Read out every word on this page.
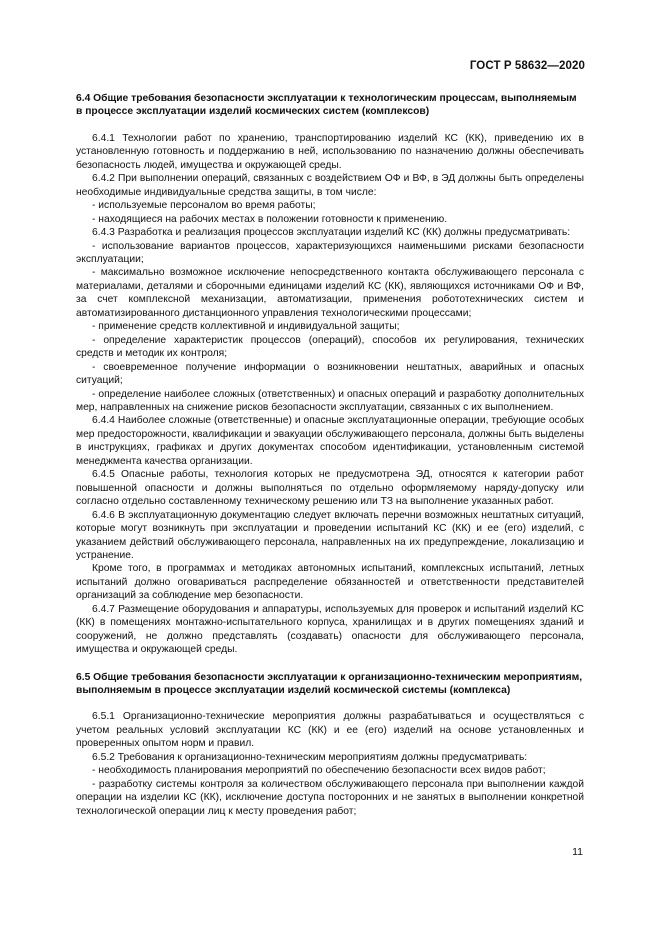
ГОСТ Р 58632—2020
6.4 Общие требования безопасности эксплуатации к технологическим процессам, выполняемым в процессе эксплуатации изделий космических систем (комплексов)

6.4.1 Технологии работ по хранению, транспортированию изделий КС (КК), приведению их в установленную готовность и поддержанию в ней, использованию по назначению должны обеспечивать безопасность людей, имущества и окружающей среды.

6.4.2 При выполнении операций, связанных с воздействием ОФ и ВФ, в ЭД должны быть определены необходимые индивидуальные средства защиты, в том числе:

- используемые персоналом во время работы;

- находящиеся на рабочих местах в положении готовности к применению.

6.4.3 Разработка и реализация процессов эксплуатации изделий КС (КК) должны предусматривать:

- использование вариантов процессов, характеризующихся наименьшими рисками безопасности эксплуатации;

- максимально возможное исключение непосредственного контакта обслуживающего персонала с материалами, деталями и сборочными единицами изделий КС (КК), являющихся источниками ОФ и ВФ, за счет комплексной механизации, автоматизации, применения робототехнических систем и автоматизированного дистанционного управления технологическими процессами;

- применение средств коллективной и индивидуальной защиты;

- определение характеристик процессов (операций), способов их регулирования, технических средств и методик их контроля;

- своевременное получение информации о возникновении нештатных, аварийных и опасных ситуаций;

- определение наиболее сложных (ответственных) и опасных операций и разработку дополнительных мер, направленных на снижение рисков безопасности эксплуатации, связанных с их выполнением.

6.4.4 Наиболее сложные (ответственные) и опасные эксплуатационные операции, требующие особых мер предосторожности, квалификации и эвакуации обслуживающего персонала, должны быть выделены в инструкциях, графиках и других документах способом идентификации, установленным системой менеджмента качества организации.

6.4.5 Опасные работы, технология которых не предусмотрена ЭД, относятся к категории работ повышенной опасности и должны выполняться по отдельно оформляемому наряду-допуску или согласно отдельно составленному техническому решению или ТЗ на выполнение указанных работ.

6.4.6 В эксплуатационную документацию следует включать перечни возможных нештатных ситуаций, которые могут возникнуть при эксплуатации и проведении испытаний КС (КК) и ее (его) изделий, с указанием действий обслуживающего персонала, направленных на их предупреждение, локализацию и устранение.

Кроме того, в программах и методиках автономных испытаний, комплексных испытаний, летных испытаний должно оговариваться распределение обязанностей и ответственности представителей организаций за соблюдение мер безопасности.

6.4.7 Размещение оборудования и аппаратуры, используемых для проверок и испытаний изделий КС (КК) в помещениях монтажно-испытательного корпуса, хранилищах и в других помещениях зданий и сооружений, не должно представлять (создавать) опасности для обслуживающего персонала, имущества и окружающей среды.

6.5 Общие требования безопасности эксплуатации к организационно-техническим мероприятиям, выполняемым в процессе эксплуатации изделий космической системы (комплекса)

6.5.1 Организационно-технические мероприятия должны разрабатываться и осуществляться с учетом реальных условий эксплуатации КС (КК) и ее (его) изделий на основе установленных и проверенных опытом норм и правил.

6.5.2 Требования к организационно-техническим мероприятиям должны предусматривать:

- необходимость планирования мероприятий по обеспечению безопасности всех видов работ;

- разработку системы контроля за количеством обслуживающего персонала при выполнении каждой операции на изделии КС (КК), исключение доступа посторонних и не занятых в выполнении конкретной технологической операции лиц к месту проведения работ;

11
